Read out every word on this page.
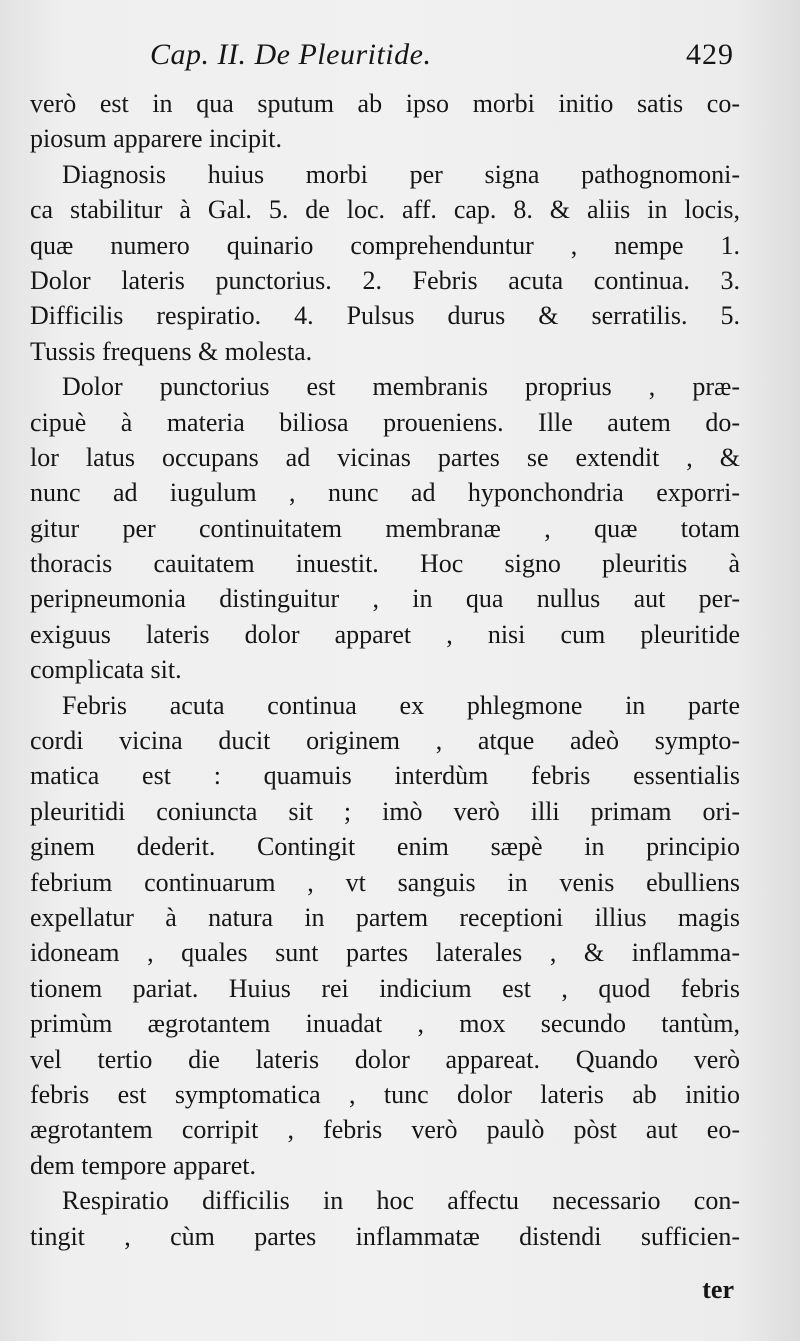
Cap. II. De Pleuritide.	429
verò est in qua sputum ab ipso morbi initio satis co-
piosum apparere incipit.
Diagnosis huius morbi per signa pathognomoni-
ca stabilitur à Gal. 5. de loc. aff. cap. 8. & aliis in locis,
quæ numero quinario comprehenduntur , nempe 1.
Dolor lateris punctorius. 2. Febris acuta continua. 3.
Difficilis respiratio. 4. Pulsus durus & serratilis. 5.
Tussis frequens & molesta.
Dolor punctorius est membranis proprius , præ-
cipuè à materia biliosa proueniens. Ille autem do-
lor latus occupans ad vicinas partes se extendit , &
nunc ad iugulum , nunc ad hyponchondria exporri-
gitur per continuitatem membranæ , quæ totam
thoracis cauitatem inuestit. Hoc signo pleuritis à
peripneumonia distinguitur , in qua nullus aut per-
exiguus lateris dolor apparet , nisi cum pleuritide
complicata sit.
Febris acuta continua ex phlegmone in parte
cordi vicina ducit originem , atque adeò sympto-
matica est : quamuis interdùm febris essentialis
pleuritidi coniuncta sit ; imò verò illi primam ori-
ginem dederit. Contingit enim sæpè in principio
febrium continuarum , vt sanguis in venis ebulliens
expellatur à natura in partem receptioni illius magis
idoneam , quales sunt partes laterales , & inflamma-
tionem pariat. Huius rei indicium est , quod febris
primùm ægrotantem inuadat , mox secundo tantùm,
vel tertio die lateris dolor appareat. Quando verò
febris est symptomatica , tunc dolor lateris ab initio
ægrotantem corripit , febris verò paulò pòst aut eo-
dem tempore apparet.
Respiratio difficilis in hoc affectu necessario con-
tingit , cùm partes inflammatæ distendi sufficien-
ter
